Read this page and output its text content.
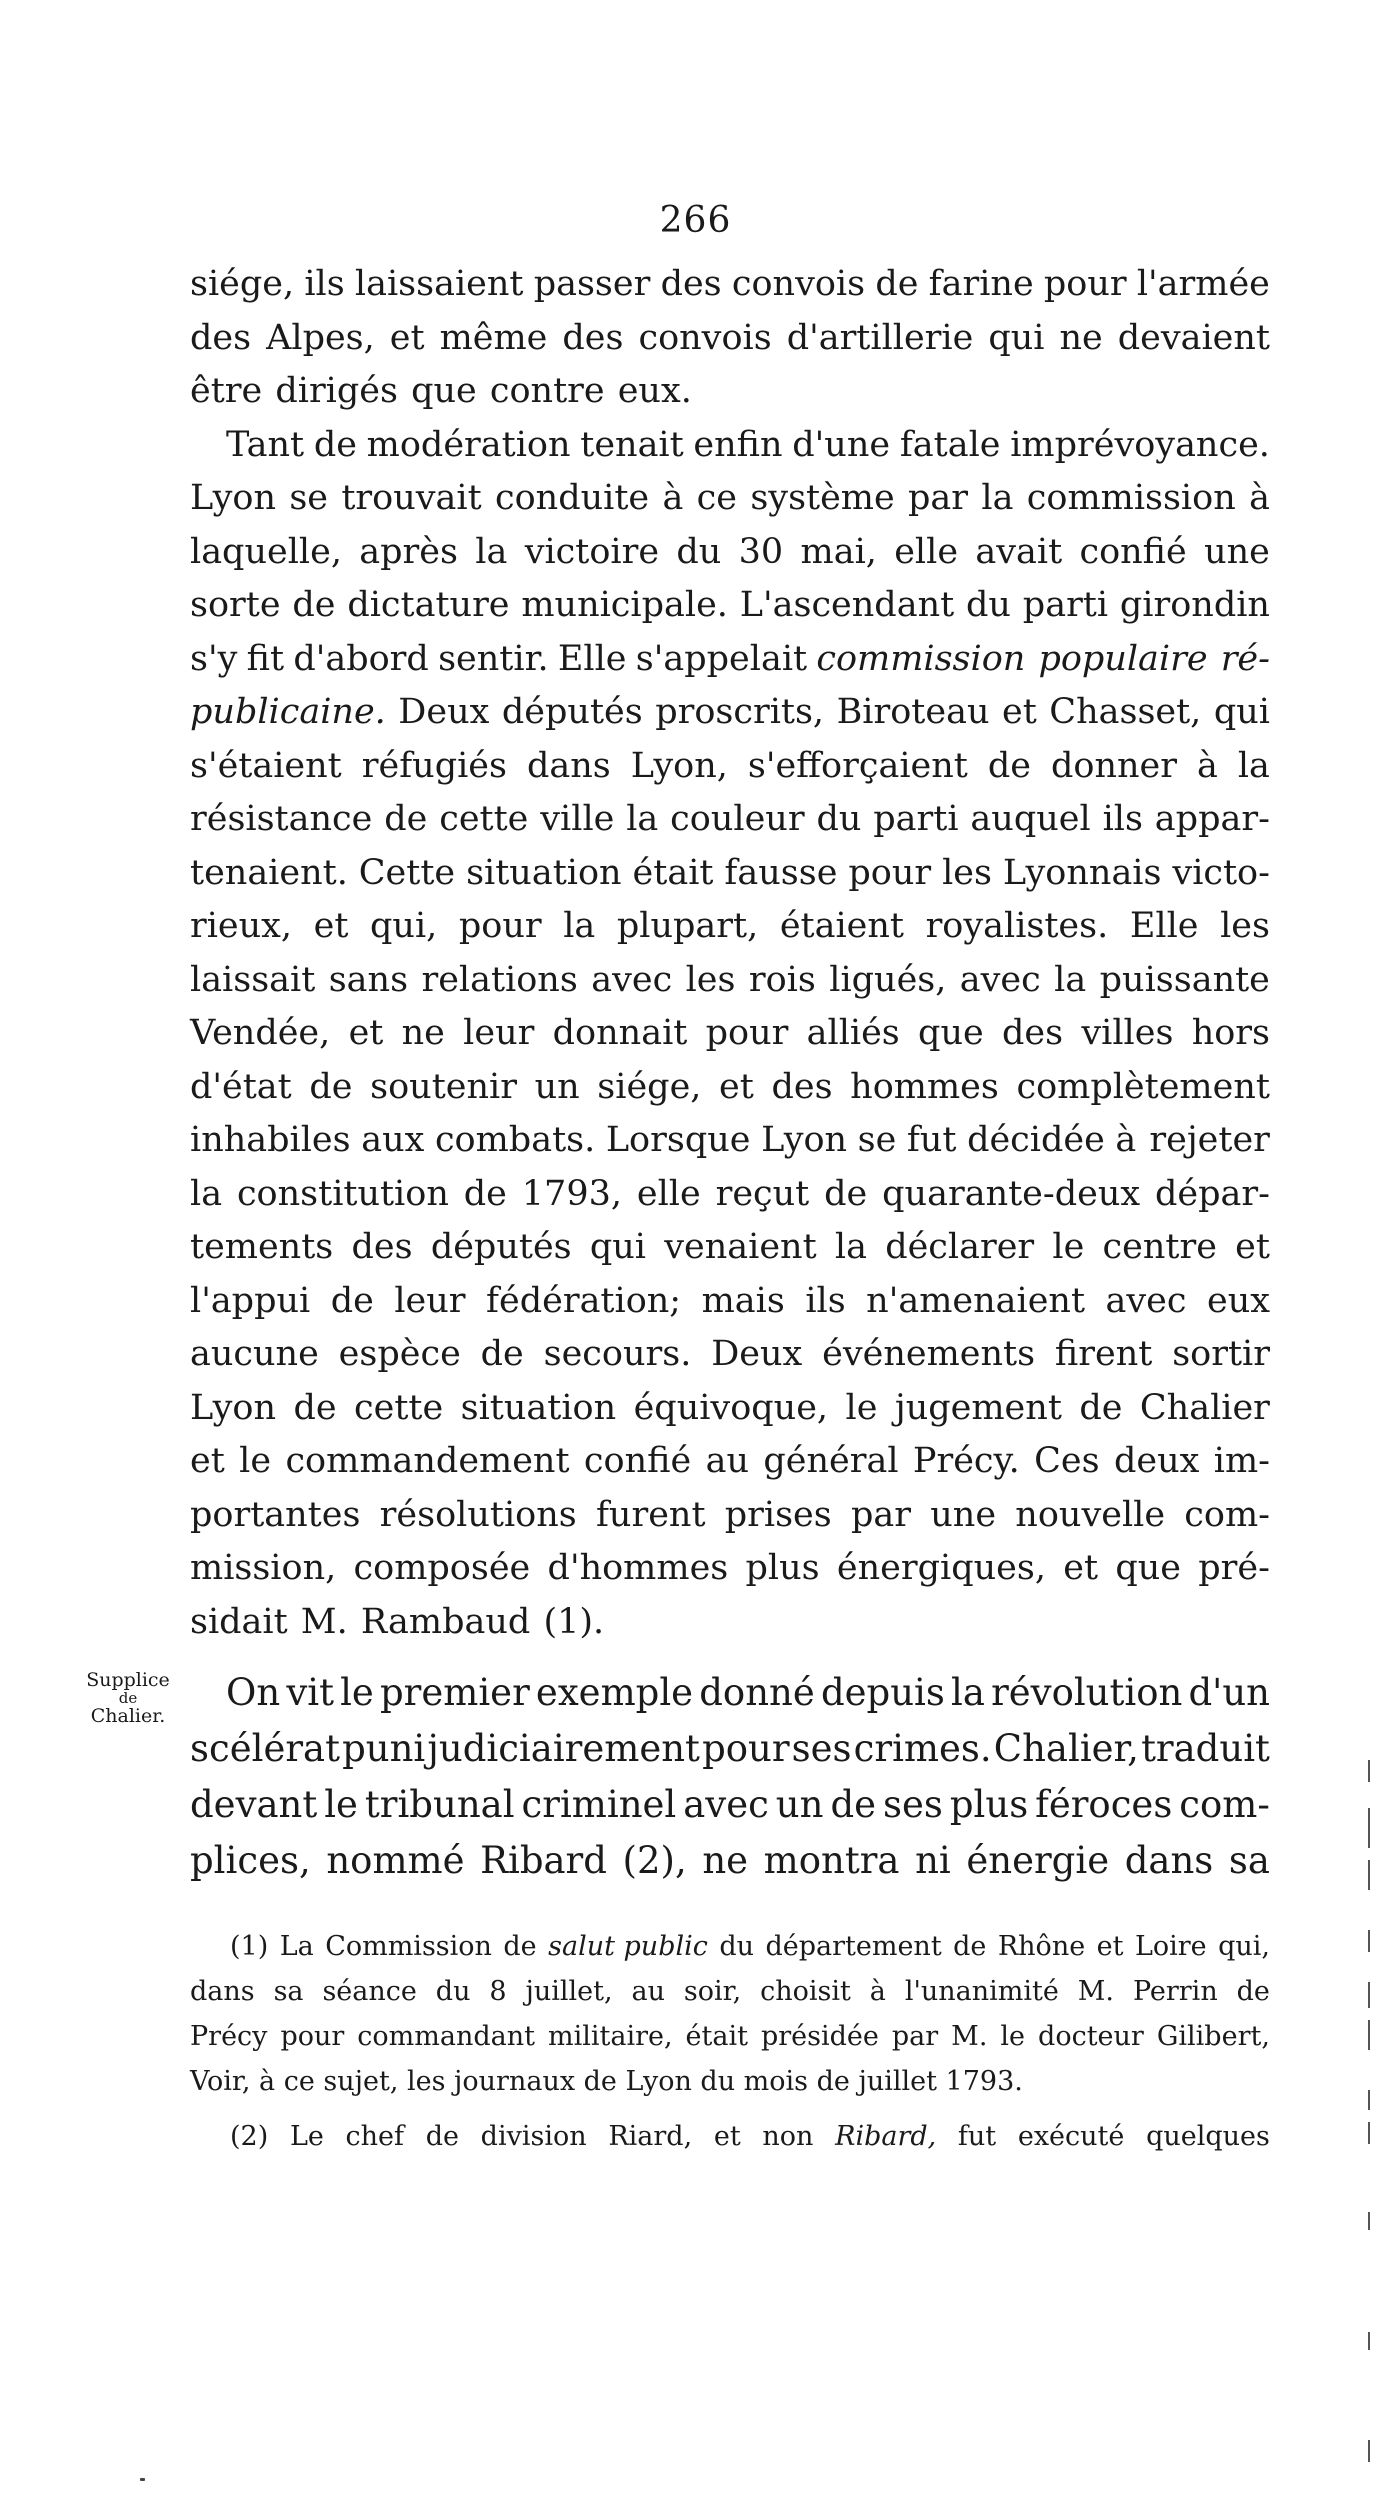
266
siége, ils laissaient passer des convois de farine pour l'armée
des Alpes, et même des convois d'artillerie qui ne devaient
être dirigés que contre eux.
Tant de modération tenait enfin d'une fatale imprévoyance.
Lyon se trouvait conduite à ce système par la commission à
laquelle, après la victoire du 30 mai, elle avait confié une
sorte de dictature municipale. L'ascendant du parti girondin
s'y fit d'abord sentir. Elle s'appelait commission populaire ré-
publicaine. Deux députés proscrits, Biroteau et Chasset, qui
s'étaient réfugiés dans Lyon, s'efforçaient de donner à la
résistance de cette ville la couleur du parti auquel ils appar-
tenaient. Cette situation était fausse pour les Lyonnais victo-
rieux, et qui, pour la plupart, étaient royalistes. Elle les
laissait sans relations avec les rois ligués, avec la puissante
Vendée, et ne leur donnait pour alliés que des villes hors
d'état de soutenir un siége, et des hommes complètement
inhabiles aux combats. Lorsque Lyon se fut décidée à rejeter
la constitution de 1793, elle reçut de quarante-deux dépar-
tements des députés qui venaient la déclarer le centre et
l'appui de leur fédération; mais ils n'amenaient avec eux
aucune espèce de secours. Deux événements firent sortir
Lyon de cette situation équivoque, le jugement de Chalier
et le commandement confié au général Précy. Ces deux im-
portantes résolutions furent prises par une nouvelle com-
mission, composée d'hommes plus énergiques, et que pré-
sidait M. Rambaud (1).
Supplice
de
Chalier.
On vit le premier exemple donné depuis la révolution d'un
scélérat puni judiciairement pour ses crimes. Chalier, traduit
devant le tribunal criminel avec un de ses plus féroces com-
plices, nommé Ribard (2), ne montra ni énergie dans sa
(1) La Commission de salut public du département de Rhône et Loire qui,
dans sa séance du 8 juillet, au soir, choisit à l'unanimité M. Perrin de
Précy pour commandant militaire, était présidée par M. le docteur Gilibert,
Voir, à ce sujet, les journaux de Lyon du mois de juillet 1793.
(2) Le chef de division Riard, et non Ribard, fut exécuté quelques
